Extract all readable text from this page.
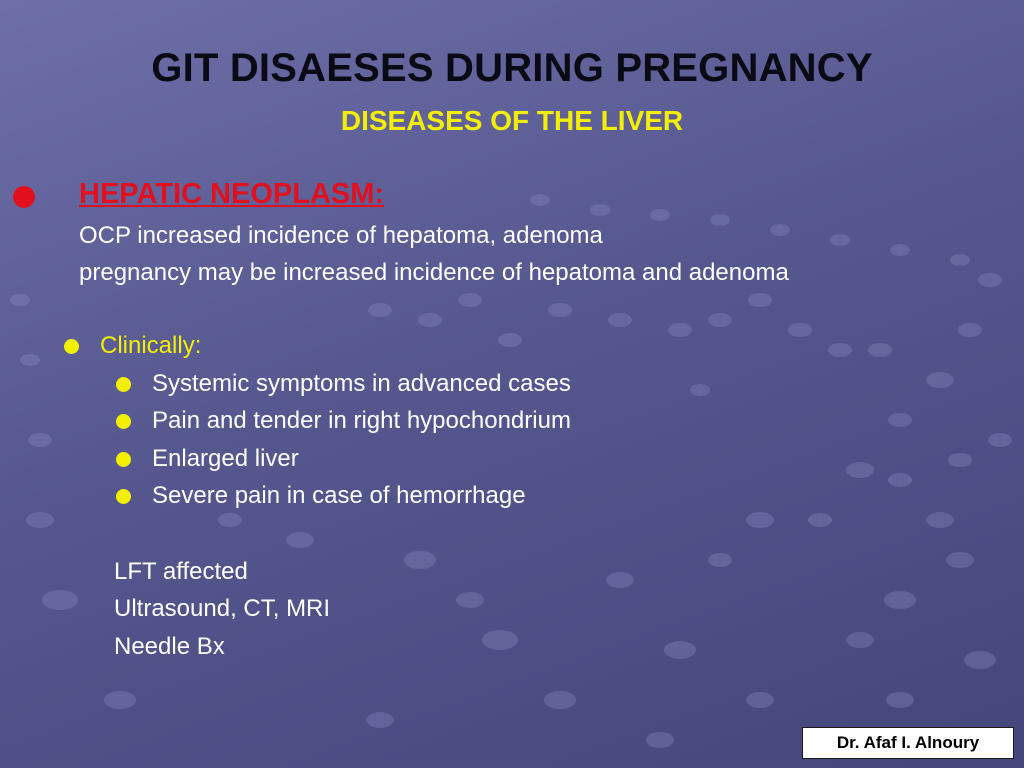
GIT DISAESES DURING PREGNANCY
DISEASES OF THE LIVER
HEPATIC NEOPLASM:
OCP increased incidence of hepatoma, adenoma
pregnancy may be increased incidence of hepatoma and adenoma
Clinically:
Systemic symptoms in advanced cases
Pain and tender in right hypochondrium
Enlarged liver
Severe pain in case of hemorrhage
LFT affected
Ultrasound, CT, MRI
Needle Bx
Dr. Afaf I. Alnoury
